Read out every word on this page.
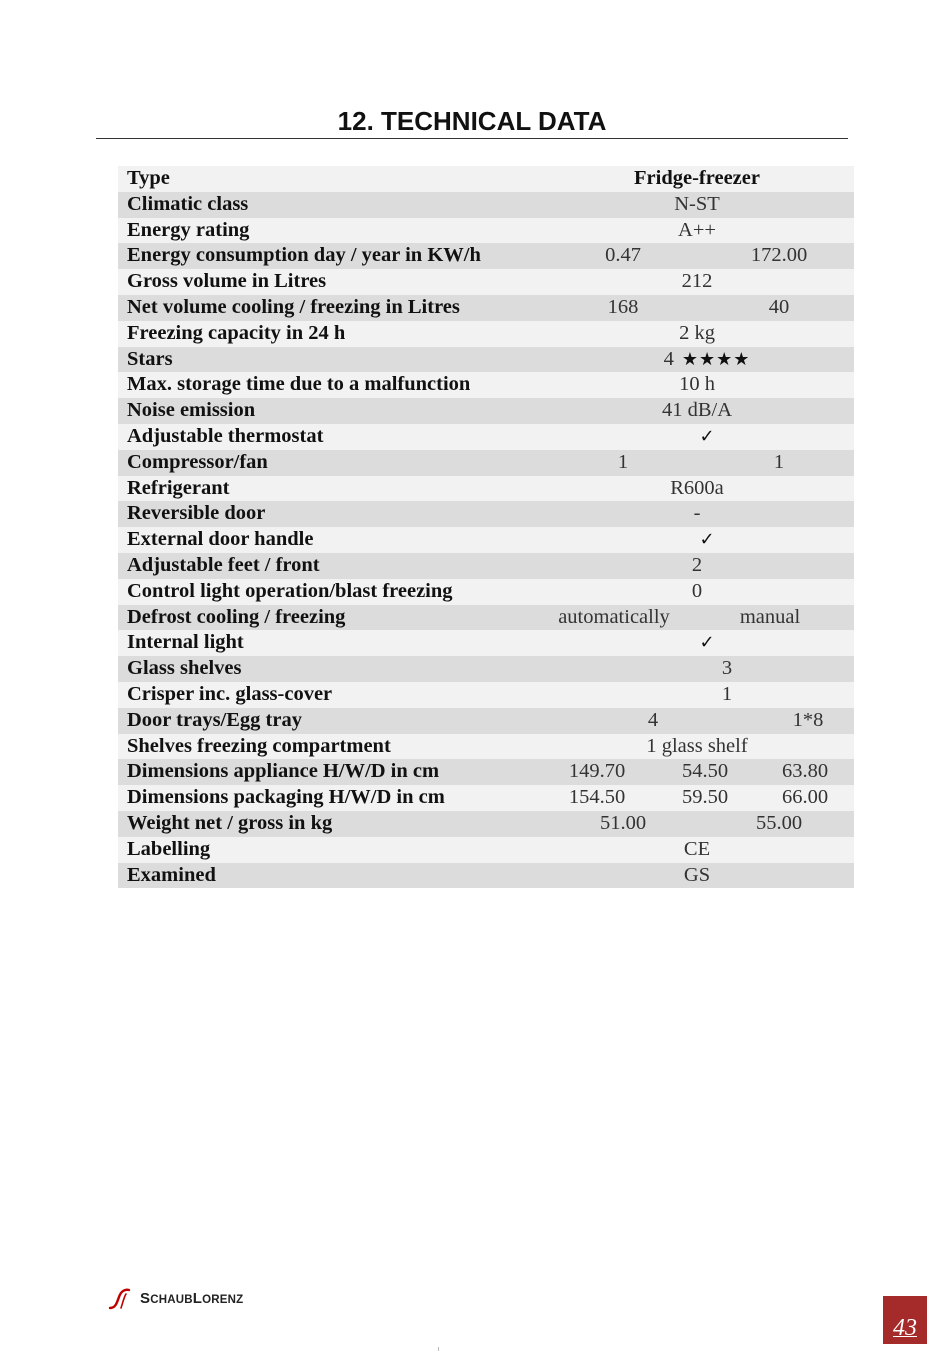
12. TECHNICAL DATA
Type	Fridge-freezer
Climatic class	N-ST
Energy rating	A++
Energy consumption day / year in KW/h	0.47	172.00
Gross volume in Litres	212
Net volume cooling / freezing in Litres	168	40
Freezing capacity in 24 h	2 kg
Stars	4 ★★★★
Max. storage time due to a malfunction	10 h
Noise emission	41 dB/A
Adjustable thermostat	✓
Compressor/fan	1	1
Refrigerant	R600a
Reversible door	-
External door handle	✓
Adjustable feet / front	2
Control light operation/blast freezing	0
Defrost cooling / freezing	automatically	manual
Internal light	✓
Glass shelves	3
Crisper inc. glass-cover	1
Door trays/Egg tray	4	1*8
Shelves freezing compartment	1 glass shelf
Dimensions appliance H/W/D in cm	149.70	54.50	63.80
Dimensions packaging H/W/D in cm	154.50	59.50	66.00
Weight net / gross in kg	51.00	55.00
Labelling	CE
Examined	GS
SCHAUBLORENZ
43
